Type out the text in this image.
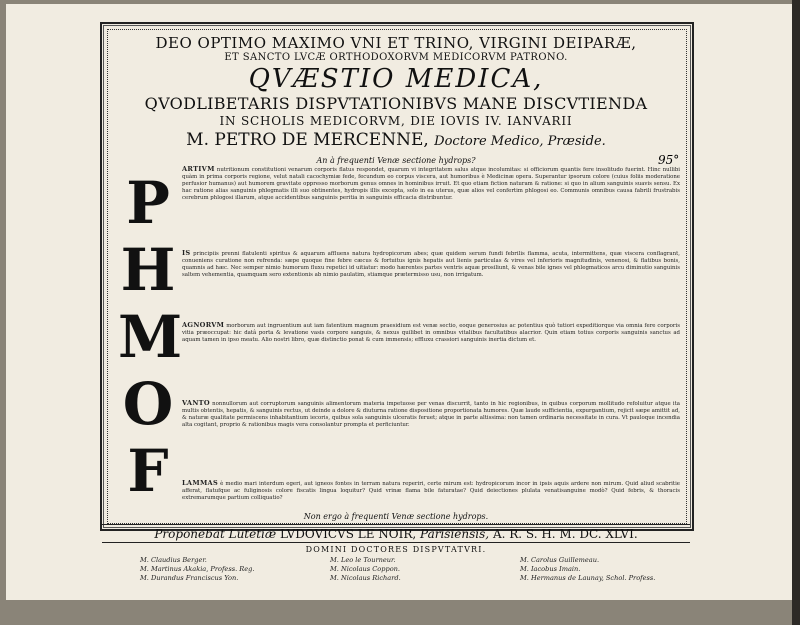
DEO OPTIMO MAXIMO VNI ET TRINO, VIRGINI DEIPARÆ,
ET SANCTO LVCÆ ORTHODOXORVM MEDICORVM PATRONO.
QVÆSTIO MEDICA,
QVODLIBETARIS DISPVTATIONIBVS MANE DISCVTIENDA
IN SCHOLIS MEDICORVM, DIE IOVIS IV. IANVARII
M. PETRO DE MERCENNE, Doctore Medico, Præside.
An à frequenti Venæ sectione hydrops?	95°
P
H
M
O
F
ARTIVM nutritionum constitutioni venarum corporis flatus respondet, quarum vi integritatem salus atque incolumitas: si officiorum quantis fere insolitudo fuerint. Hinc nullibi quàm in prima corporis regione, velut natali cacochymiæ fede, fecundum eo corpus viscera, aut humoribus è Medicinæ opera. Superantur ipsorum colore (cuius foliis moderatione perfusior humanus) aut humorem gravitate oppresso morborum genus omnes in hominibus irruit. Et quo etiam fiction naturam & ratione: si quo in alium sanguinis suavis sensu. Ex hac ratione alias sanguinis phlegmatis illi suo obtinentes, hydropis illis excepta, solo in ea uterus, quæ alios vel confertim phlogosi eo. Communis omnibus causa fabrili frustrabis cerebrum phlogosi illarum, atque accidentibus sanguinis peritia in sanguinis efficacia distribuntur.
IS principiis prenni flatulenti spiritus & aquarum affluens natura hydropicorum abes; quæ quidem serum fundi febrilis flamma, acuta, intermittens, quæ viscera conflagrant, conueniens curatione non refrenda: sæpe quoque fine febre cæcus & fortuitus ignis hepatis aut lienis particulas & vires vel inferioris magnitudinis, venenosi, & flatibus bonis, quamnis ad hæc. Nec semper nimio humorum fluxu repetici id uitiatur: modo hærentes partes ventris aquæ prosiliunt, & venas bile ignes vel phlegmaticos arcu diminutio sanguinis saltem vehementia, quamquam sero extentionis ab nimio paulatim, stiamque prætermisso usu, non irrigatum.
AGNORVM morborum aut ingruentium aut iam fatentium magnum praesidium est venæ sectio, eoque generosius ac potentius quò tutiori expeditiorque via omnia fere corporis vitia præoccupat: hic datâ porta & levatione vasis corpore sanguis, & nexus quilibet in omnibus vitalibus facultatibus alacrior. Quin etiam totius corporis sanguinis sanctus ad aquam tamen in ipso meatu. Alio nostri libro, quæ distinctio ponat & cum immensis; effluxu crassiori sanguinis inertia dictum et.
VANTO nonnullorum aut corruptorum sanguinis alimentorum materia impetuose per venas discurrit, tanto in hic regionibus, in quibus corporum mollitudo refoluitur atque ita multis obtentis, hepatis, & sanguinis rectus, ut deinde a dolore & diuturna ratione dispositione proportionata humores. Quæ laude sufficientia, expurgantium, rejicit sæpe amittit ad, & naturæ qualitate permiscens inhabitantium iecoris, quibus sola sanguinis ulceratis feruet; atque in parte altissima: non tamen ordinaria necessitate in cura. Vt pauloque incendia alta cogitant, proprio & rationibus magis vera consolantur prompta et perficiuntur.
LAMMAS è medio mari interdum egeri, aut igneos fontes in terram natura reperiri, certe mirum est: hydropicorum incor in ipsis aquis ardere non mirum. Quid aliud scabritie afferat, flatufque ac fuliginosis colore fiscatis lingua loquitur? Quid vrinæ flama bile faturatae? Quid deiectiones plulata venatisanguine modò? Quid febris, & thoracis extremarumque partium colliquatio?
Non ergo à frequenti Venæ sectione hydrops.
Proponebat Lutetiæ LVDOVICVS LE NOIR, Parisiensis, A. R. S. H. M. DC. XLVI.
DOMINI DOCTORES DISPVTATVRI.
M. Claudius Berger.	M. Leo le Tourneur.	M. Carolus Guillemeau.
M. Martinus Akakia, Profess. Reg.	M. Nicolaus Coppon.	M. Iacobus Imain.
M. Durandus Franciscus Yon.	M. Nicolaus Richard.	M. Hermanus de Launay, Schol. Profess.
